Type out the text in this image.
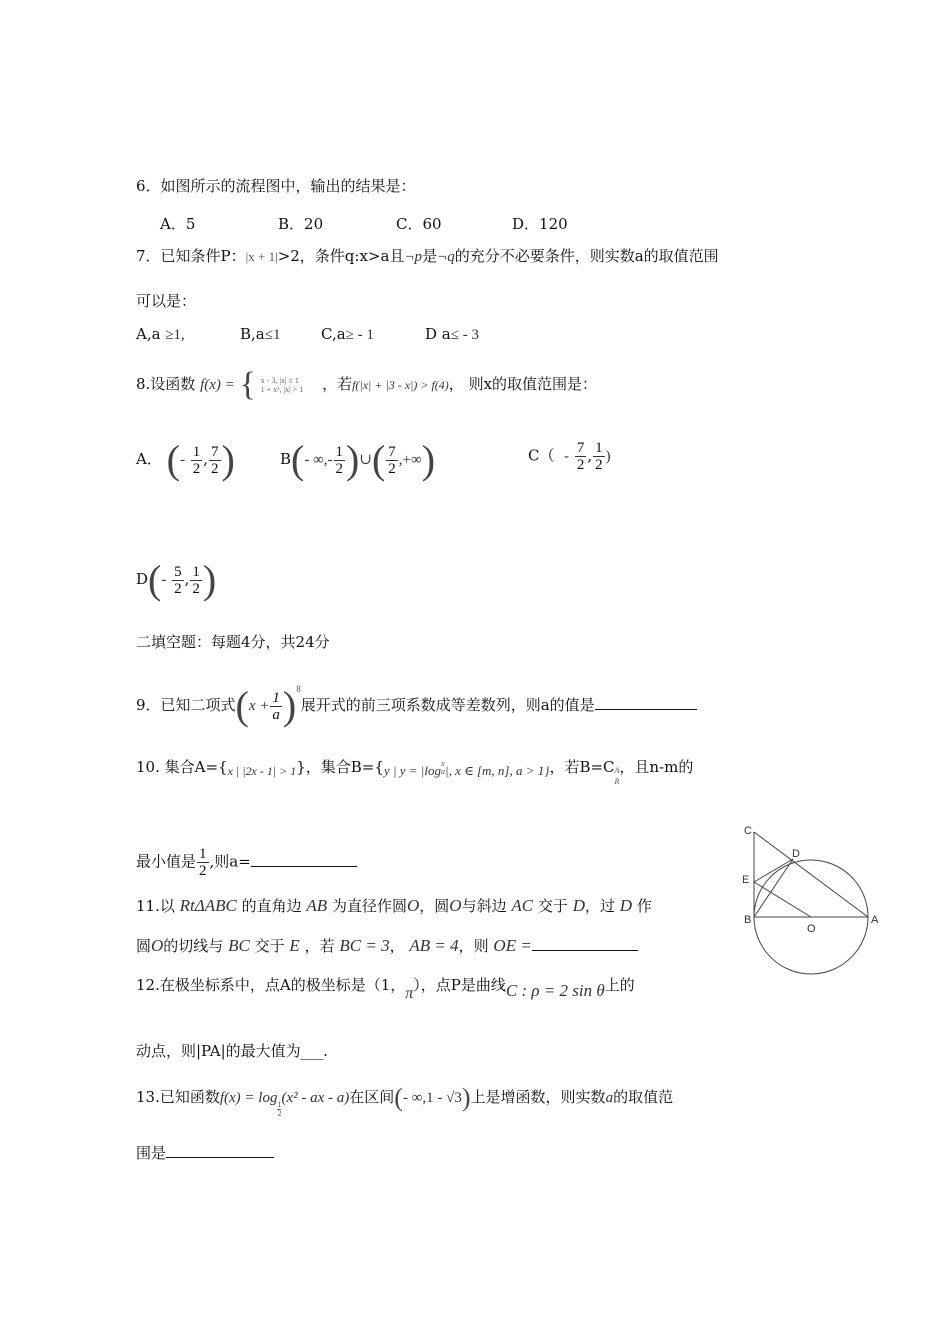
6．如图所示的流程图中，输出的结果是：
A．5	B．20	C．60	D．120
7．已知条件P：|x + 1|>2，条件q:x>a且¬p是¬q的充分不必要条件，则实数a的取值范围
可以是：
A,a ≥1,	B,a≤1	C,a≥ - 1	D a≤ - 3
8.设函数 f(x) = { x - 3, |x| ≤ 1
1 + x², |x| > 1 ，若f(|x| + |3 - x|) > f(4)， 则x的取值范围是：
A． (- $\frac{1}{2}$ , $\frac{7}{2}$ )	B(- ∞,- $\frac{1}{2}$ )∪( $\frac{7}{2}$ ,+∞)	$C( - \frac{7}{2}$ , $\frac{1}{2}$ )
$D(- \frac{5}{2}$ , $\frac{1}{2}$ )
二填空题：每题4分，共24分
9．已知二项式$(x + \frac{1}{a} )^8$展开式的前三项系数成等差数列，则a的值是
10. 集合$A=\{_{x | |2x - 1| > 1}\}$，集合B={y | y = |log x
a |, x ∈ [m, n], a > 1}，若B=C A
R
，且n-m的
最小值是 $\frac{1}{2}$ ,则a=
11.以 RtΔABC 的直角边 AB 为直径作圆O，圆O与斜边 AC 交于 D，过 D 作
圆O的切线与 BC 交于 E ，若 BC = 3， AB = 4，则 OE =
C
D
E
B
O
A
12.在极坐标系中，点A的极坐标是（1，π），点P是曲线C : ρ = 2 sin θ上的
动点，则|PA|的最大值为___.
13.已知函数f(x) = log
$\frac{1}{2}$
(x² - ax - a)在区间(- ∞,1 - √3)上是增函数，则实数a的取值范
围是
